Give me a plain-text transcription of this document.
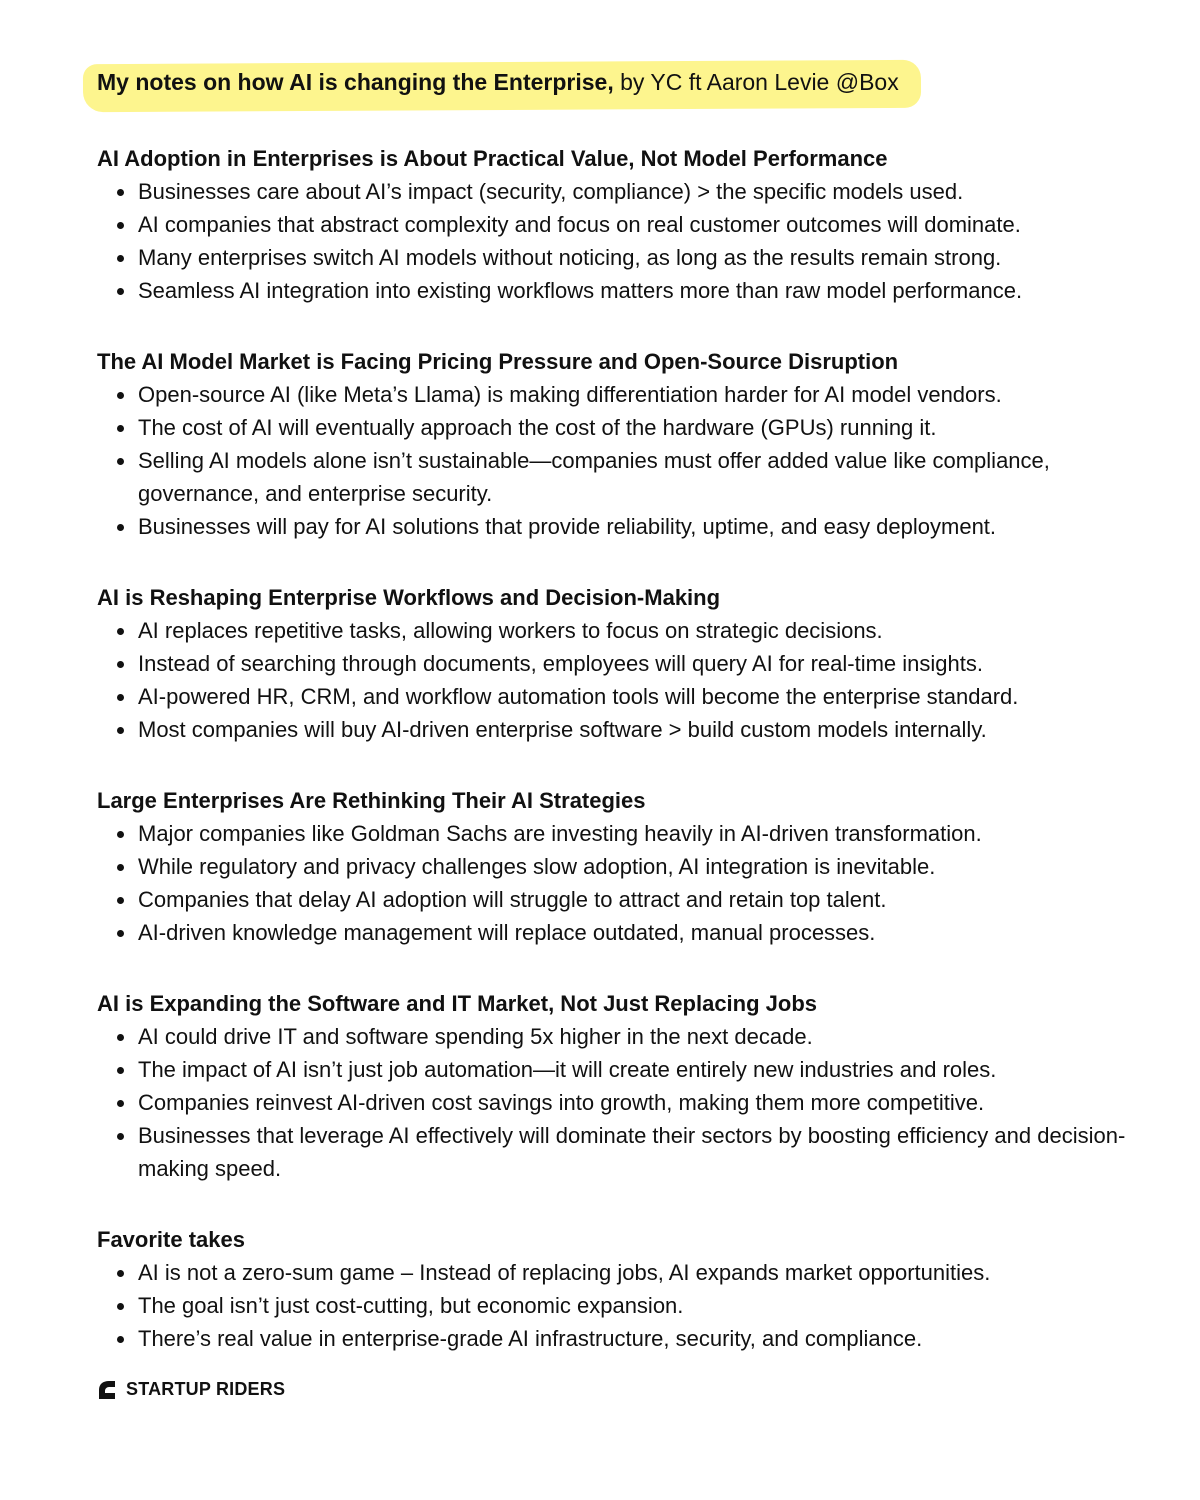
My notes on how AI is changing the Enterprise, by YC ft Aaron Levie @Box
AI Adoption in Enterprises is About Practical Value, Not Model Performance
Businesses care about AI’s impact (security, compliance) > the specific models used.
AI companies that abstract complexity and focus on real customer outcomes will dominate.
Many enterprises switch AI models without noticing, as long as the results remain strong.
Seamless AI integration into existing workflows matters more than raw model performance.
The AI Model Market is Facing Pricing Pressure and Open-Source Disruption
Open-source AI (like Meta’s Llama) is making differentiation harder for AI model vendors.
The cost of AI will eventually approach the cost of the hardware (GPUs) running it.
Selling AI models alone isn’t sustainable—companies must offer added value like compliance, governance, and enterprise security.
Businesses will pay for AI solutions that provide reliability, uptime, and easy deployment.
AI is Reshaping Enterprise Workflows and Decision-Making
AI replaces repetitive tasks, allowing workers to focus on strategic decisions.
Instead of searching through documents, employees will query AI for real-time insights.
AI-powered HR, CRM, and workflow automation tools will become the enterprise standard.
Most companies will buy AI-driven enterprise software > build custom models internally.
Large Enterprises Are Rethinking Their AI Strategies
Major companies like Goldman Sachs are investing heavily in AI-driven transformation.
While regulatory and privacy challenges slow adoption, AI integration is inevitable.
Companies that delay AI adoption will struggle to attract and retain top talent.
AI-driven knowledge management will replace outdated, manual processes.
AI is Expanding the Software and IT Market, Not Just Replacing Jobs
AI could drive IT and software spending 5x higher in the next decade.
The impact of AI isn’t just job automation—it will create entirely new industries and roles.
Companies reinvest AI-driven cost savings into growth, making them more competitive.
Businesses that leverage AI effectively will dominate their sectors by boosting efficiency and decision-making speed.
Favorite takes
AI is not a zero-sum game – Instead of replacing jobs, AI expands market opportunities.
The goal isn’t just cost-cutting, but economic expansion.
There’s real value in enterprise-grade AI infrastructure, security, and compliance.
STARTUP RIDERS
